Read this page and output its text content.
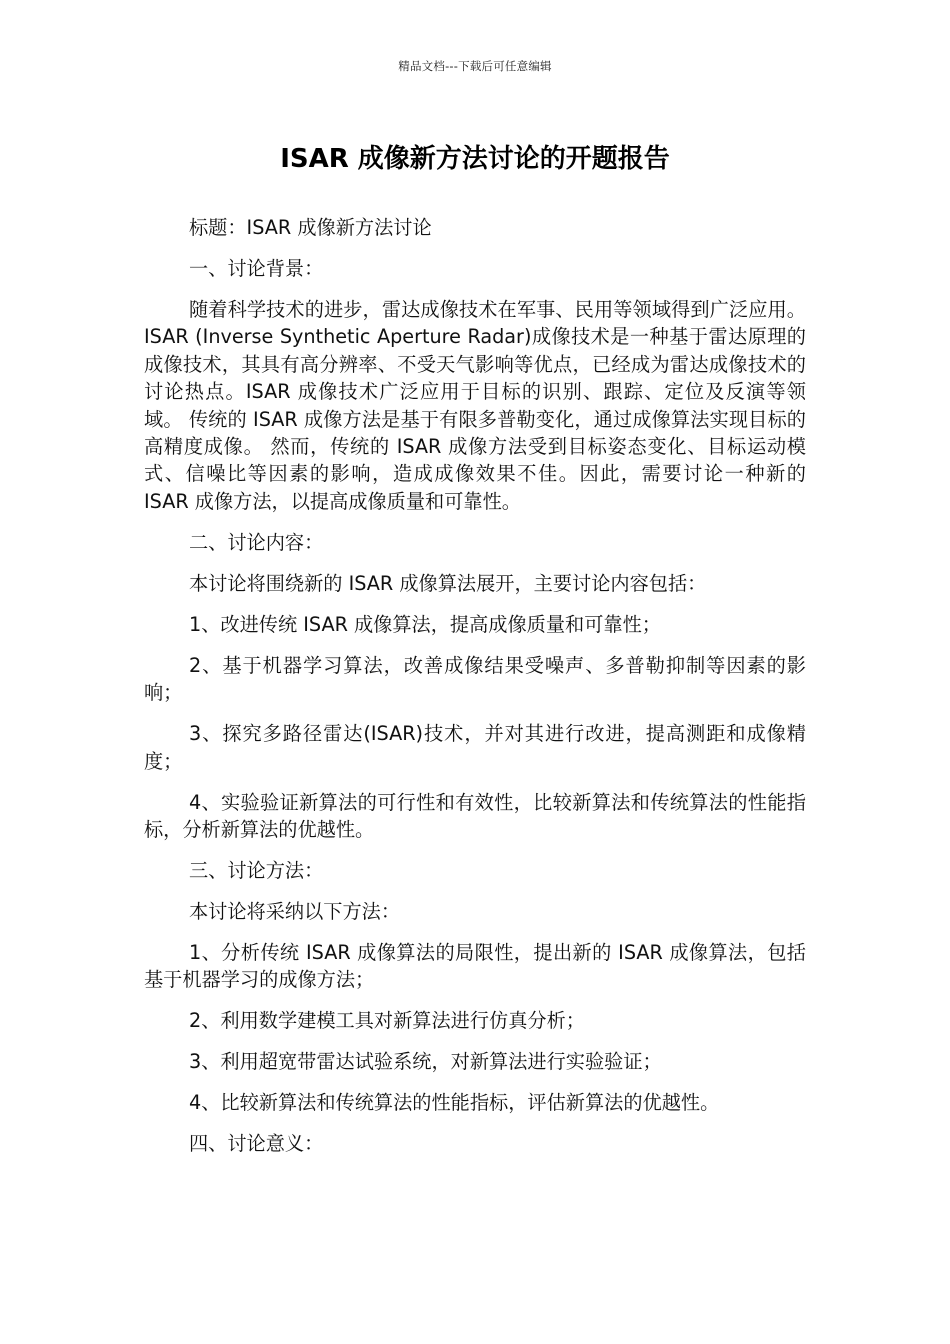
精品文档---下载后可任意编辑
ISAR 成像新方法讨论的开题报告

标题：ISAR 成像新方法讨论

一、讨论背景：

随着科学技术的进步，雷达成像技术在军事、民用等领域得到广泛应用。ISAR (Inverse Synthetic Aperture Radar)成像技术是一种基于雷达原理的成像技术，其具有高分辨率、不受天气影响等优点，已经成为雷达成像技术的讨论热点。ISAR 成像技术广泛应用于目标的识别、跟踪、定位及反演等领域。 传统的 ISAR 成像方法是基于有限多普勒变化，通过成像算法实现目标的高精度成像。 然而，传统的 ISAR 成像方法受到目标姿态变化、目标运动模式、信噪比等因素的影响，造成成像效果不佳。因此，需要讨论一种新的 ISAR 成像方法，以提高成像质量和可靠性。

二、讨论内容：

本讨论将围绕新的 ISAR 成像算法展开，主要讨论内容包括：

1、改进传统 ISAR 成像算法，提高成像质量和可靠性；

2、基于机器学习算法，改善成像结果受噪声、多普勒抑制等因素的影响；

3、探究多路径雷达(ISAR)技术，并对其进行改进，提高测距和成像精度；

4、实验验证新算法的可行性和有效性，比较新算法和传统算法的性能指标，分析新算法的优越性。

三、讨论方法：

本讨论将采纳以下方法：

1、分析传统 ISAR 成像算法的局限性，提出新的 ISAR 成像算法，包括基于机器学习的成像方法；

2、利用数学建模工具对新算法进行仿真分析；

3、利用超宽带雷达试验系统，对新算法进行实验验证；

4、比较新算法和传统算法的性能指标，评估新算法的优越性。

四、讨论意义：
